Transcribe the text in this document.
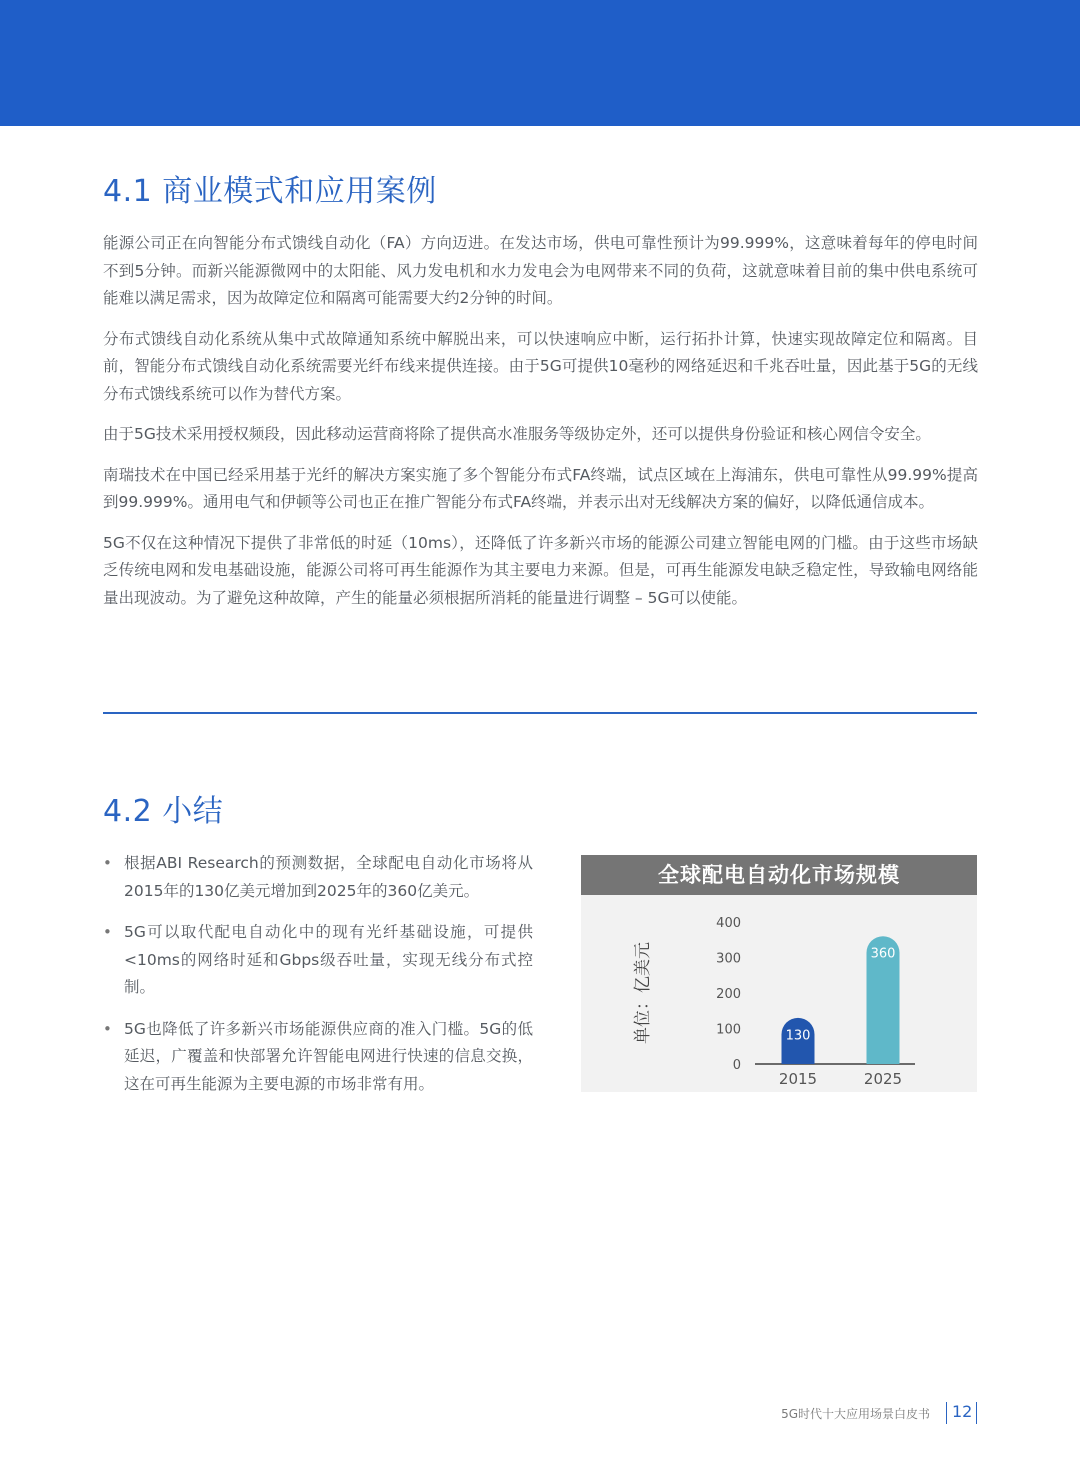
4.1 商业模式和应用案例

能源公司正在向智能分布式馈线自动化（FA）方向迈进。在发达市场，供电可靠性预计为99.999%，这意味着每年的停电时间不到5分钟。而新兴能源微网中的太阳能、风力发电机和水力发电会为电网带来不同的负荷，这就意味着目前的集中供电系统可能难以满足需求，因为故障定位和隔离可能需要大约2分钟的时间。

分布式馈线自动化系统从集中式故障通知系统中解脱出来，可以快速响应中断，运行拓扑计算，快速实现故障定位和隔离。目前，智能分布式馈线自动化系统需要光纤布线来提供连接。由于5G可提供10毫秒的网络延迟和千兆吞吐量，因此基于5G的无线分布式馈线系统可以作为替代方案。

由于5G技术采用授权频段，因此移动运营商将除了提供高水准服务等级协定外，还可以提供身份验证和核心网信令安全。

南瑞技术在中国已经采用基于光纤的解决方案实施了多个智能分布式FA终端，试点区域在上海浦东，供电可靠性从99.99%提高到99.999%。通用电气和伊顿等公司也正在推广智能分布式FA终端，并表示出对无线解决方案的偏好，以降低通信成本。

5G不仅在这种情况下提供了非常低的时延（10ms），还降低了许多新兴市场的能源公司建立智能电网的门槛。由于这些市场缺乏传统电网和发电基础设施，能源公司将可再生能源作为其主要电力来源。但是，可再生能源发电缺乏稳定性，导致输电网络能量出现波动。为了避免这种故障，产生的能量必须根据所消耗的能量进行调整 – 5G可以使能。

4.2 小结
• 根据ABI Research的预测数据，全球配电自动化市场将从2015年的130亿美元增加到2025年的360亿美元。
• 5G可以取代配电自动化中的现有光纤基础设施，可提供<10ms的网络时延和Gbps级吞吐量，实现无线分布式控制。
• 5G也降低了许多新兴市场能源供应商的准入门槛。5G的低延迟，广覆盖和快部署允许智能电网进行快速的信息交换，这在可再生能源为主要电源的市场非常有用。
全球配电自动化市场规模
单位：亿美元
0
100
200
300
400
130
2015
360
2025
5G时代十大应用场景白皮书 12
